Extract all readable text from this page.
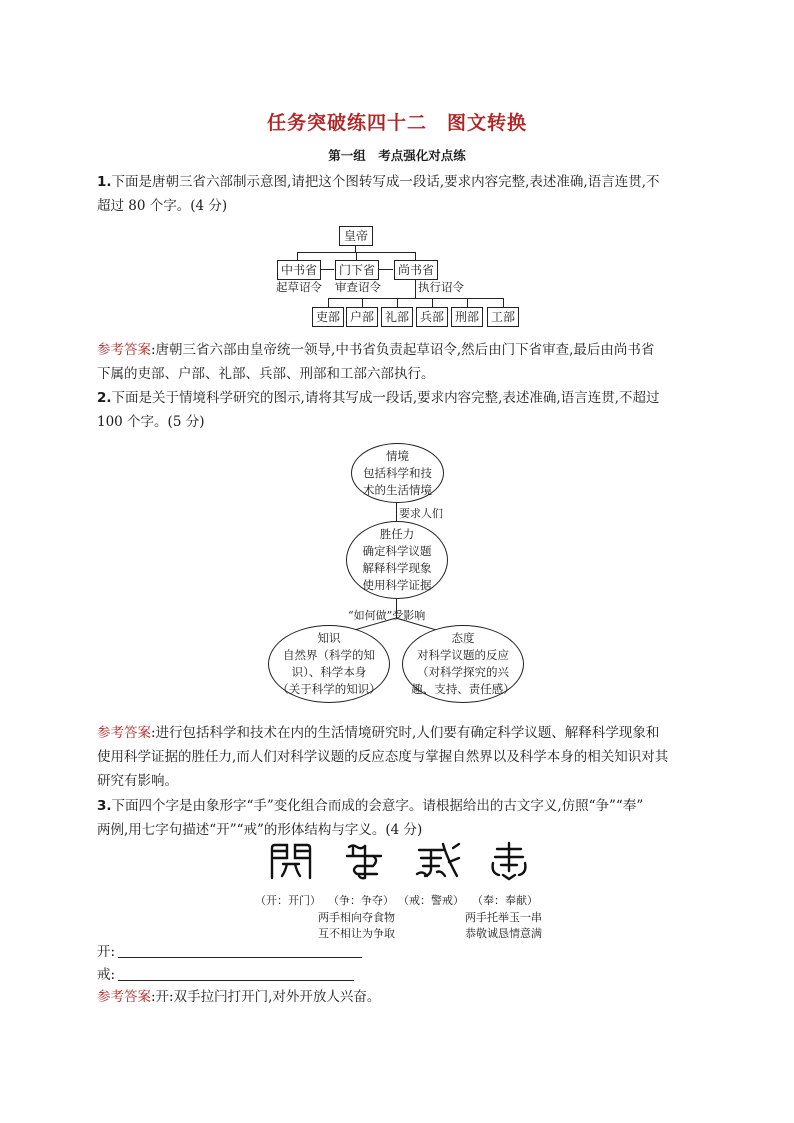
任务突破练四十二　图文转换
第一组　考点强化对点练
1.下面是唐朝三省六部制示意图,请把这个图转写成一段话,要求内容完整,表述准确,语言连贯,不
超过 80 个字。(4 分)
皇帝
中书省	门下省	尚书省
起草诏令 审查诏令	执行诏令
吏部 户部 礼部 兵部 刑部 工部
参考答案:唐朝三省六部由皇帝统一领导,中书省负责起草诏令,然后由门下省审查,最后由尚书省
下属的吏部、户部、礼部、兵部、刑部和工部六部执行。
2.下面是关于情境科学研究的图示,请将其写成一段话,要求内容完整,表述准确,语言连贯,不超过
100 个字。(5 分)
情境
包括科学和技
术的生活情境
要求人们
胜任力
确定科学议题
解释科学现象
使用科学证据
“如何做”受影响
知识
自然界（科学的知
识）、科学本身
（关于科学的知识）
态度
对科学议题的反应
（对科学探究的兴
趣、支持、责任感）
参考答案:进行包括科学和技术在内的生活情境研究时,人们要有确定科学议题、解释科学现象和
使用科学证据的胜任力,而人们对科学议题的反应态度与掌握自然界以及科学本身的相关知识对其
研究有影响。
3.下面四个字是由象形字“手”变化组合而成的会意字。请根据给出的古文字义,仿照“争”“奉”
两例,用七字句描述“开”“戒”的形体结构与字义。(4 分)
（开：开门） （争：争夺） （戒：警戒） （奉：奉献）
两手相向夺食物
互不相让为争取
两手托举玉一串
恭敬诚恳情意满
开:
戒:
参考答案:开:双手拉闩打开门,对外开放人兴奋。
